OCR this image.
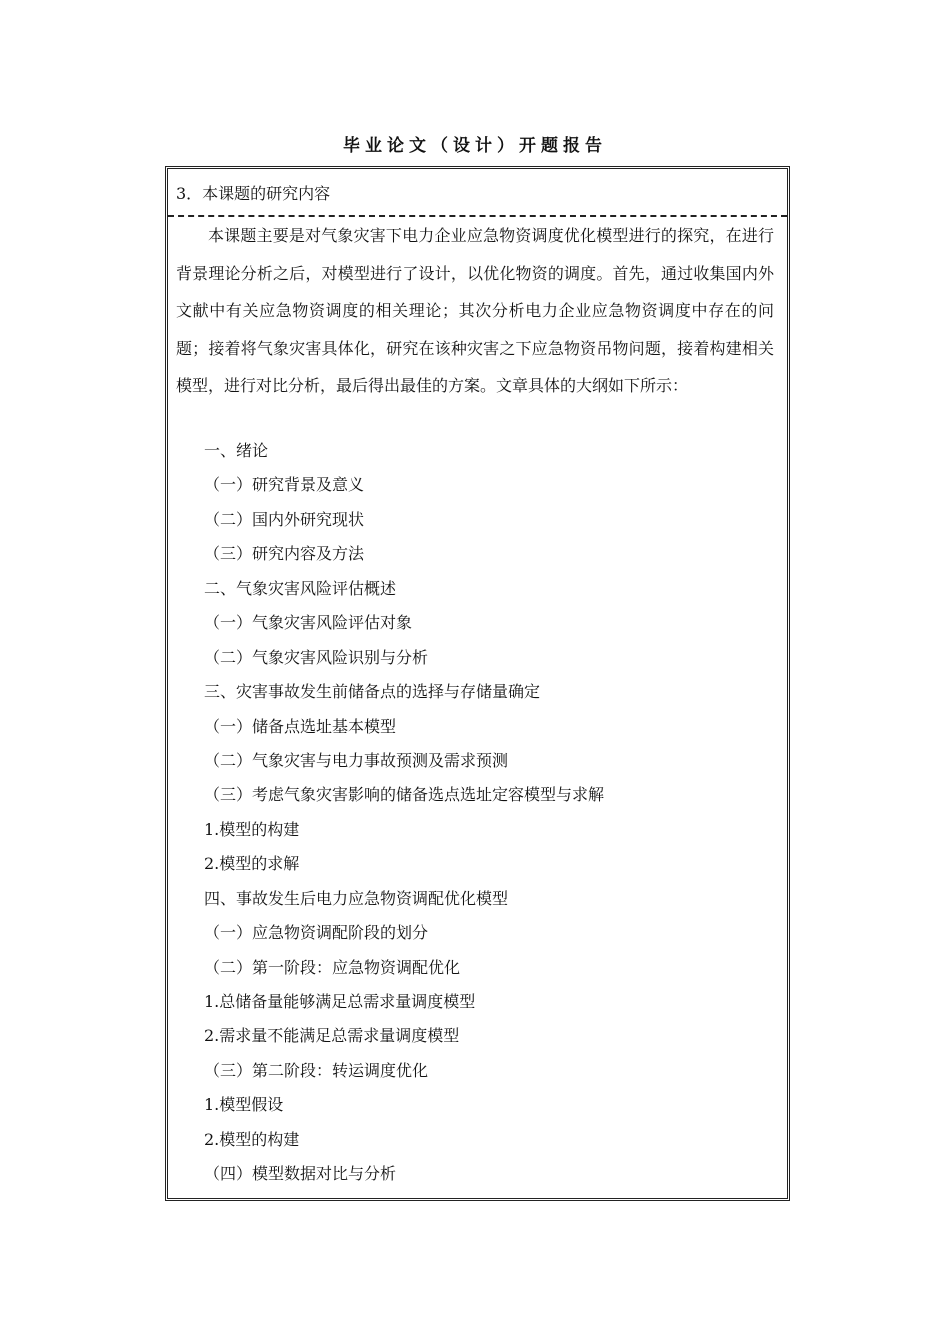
毕业论文（设计）开题报告
3．本课题的研究内容

本课题主要是对气象灾害下电力企业应急物资调度优化模型进行的探究，在进行背景理论分析之后，对模型进行了设计，以优化物资的调度。首先，通过收集国内外文献中有关应急物资调度的相关理论；其次分析电力企业应急物资调度中存在的问题；接着将气象灾害具体化，研究在该种灾害之下应急物资吊物问题，接着构建相关模型，进行对比分析，最后得出最佳的方案。文章具体的大纲如下所示：

一、绪论
（一）研究背景及意义
（二）国内外研究现状
（三）研究内容及方法
二、气象灾害风险评估概述
（一）气象灾害风险评估对象
（二）气象灾害风险识别与分析
三、灾害事故发生前储备点的选择与存储量确定
（一）储备点选址基本模型
（二）气象灾害与电力事故预测及需求预测
（三）考虑气象灾害影响的储备选点选址定容模型与求解
1.模型的构建
2.模型的求解
四、事故发生后电力应急物资调配优化模型
（一）应急物资调配阶段的划分
（二）第一阶段：应急物资调配优化
1.总储备量能够满足总需求量调度模型
2.需求量不能满足总需求量调度模型
（三）第二阶段：转运调度优化
1.模型假设
2.模型的构建
（四）模型数据对比与分析
